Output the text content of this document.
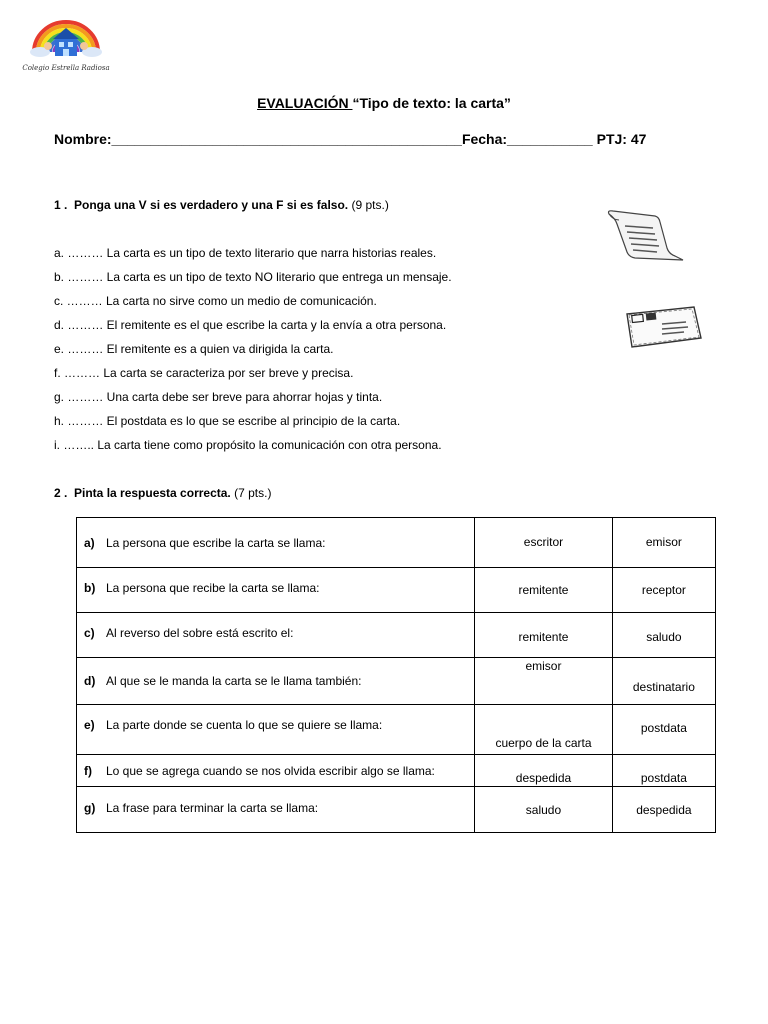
Colegio Estrella Radiosa
EVALUACIÓN “Tipo de texto: la carta”
Nombre:_____________________________________________Fecha:___________ PTJ: 47
1 . Ponga una V si es verdadero y una F si es falso. (9 pts.)
a. ……… La carta es un tipo de texto literario que narra historias reales.
b. ……… La carta es un tipo de texto NO literario que entrega un mensaje.
c. ……… La carta no sirve como un medio de comunicación.
d. ……… El remitente es el que escribe la carta y la envía a otra persona.
e. ……… El remitente es a quien va dirigida la carta.
f. ……… La carta se caracteriza por ser breve y precisa.
g. ……… Una carta debe ser breve para ahorrar hojas y tinta.
h. ……… El postdata es lo que se escribe al principio de la carta.
i. …….. La carta tiene como propósito la comunicación con otra persona.
2 . Pinta la respuesta correcta. (7 pts.)
a) La persona que escribe la carta se llama:	escritor	emisor
b) La persona que recibe la carta se llama:	remitente	receptor
c) Al reverso del sobre está escrito el:	remitente	saludo
d) Al que se le manda la carta se le llama también:	emisor	destinatario
e) La parte donde se cuenta lo que se quiere se llama:	cuerpo de la carta	postdata
f) Lo que se agrega cuando se nos olvida escribir algo se llama:	despedida	postdata
g) La frase para terminar la carta se llama:	saludo	despedida
